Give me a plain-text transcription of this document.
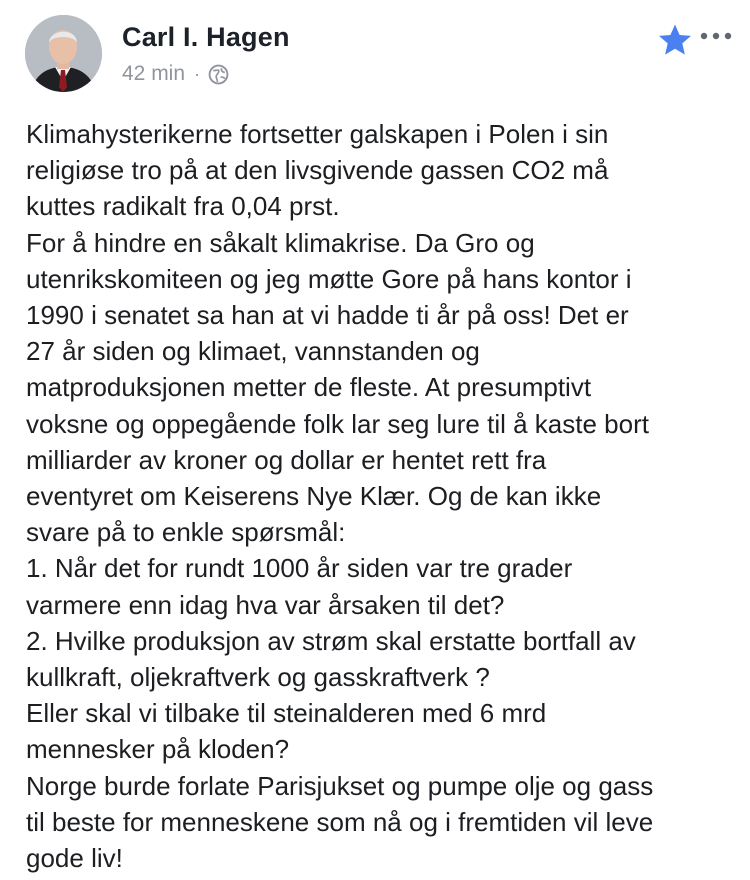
Carl I. Hagen
42 min ·
Klimahysterikerne fortsetter galskapen i Polen i sin
religiøse tro på at den livsgivende gassen CO2 må
kuttes radikalt fra 0,04 prst.
For å hindre en såkalt klimakrise. Da Gro og
utenrikskomiteen og jeg møtte Gore på hans kontor i
1990 i senatet sa han at vi hadde ti år på oss! Det er
27 år siden og klimaet, vannstanden og
matproduksjonen metter de fleste. At presumptivt
voksne og oppegående folk lar seg lure til å kaste bort
milliarder av kroner og dollar er hentet rett fra
eventyret om Keiserens Nye Klær. Og de kan ikke
svare på to enkle spørsmål:
1. Når det for rundt 1000 år siden var tre grader
varmere enn idag hva var årsaken til det?
2. Hvilke produksjon av strøm skal erstatte bortfall av
kullkraft, oljekraftverk og gasskraftverk ?
Eller skal vi tilbake til steinalderen med 6 mrd
mennesker på kloden?
Norge burde forlate Parisjukset og pumpe olje og gass
til beste for menneskene som nå og i fremtiden vil leve
gode liv!
